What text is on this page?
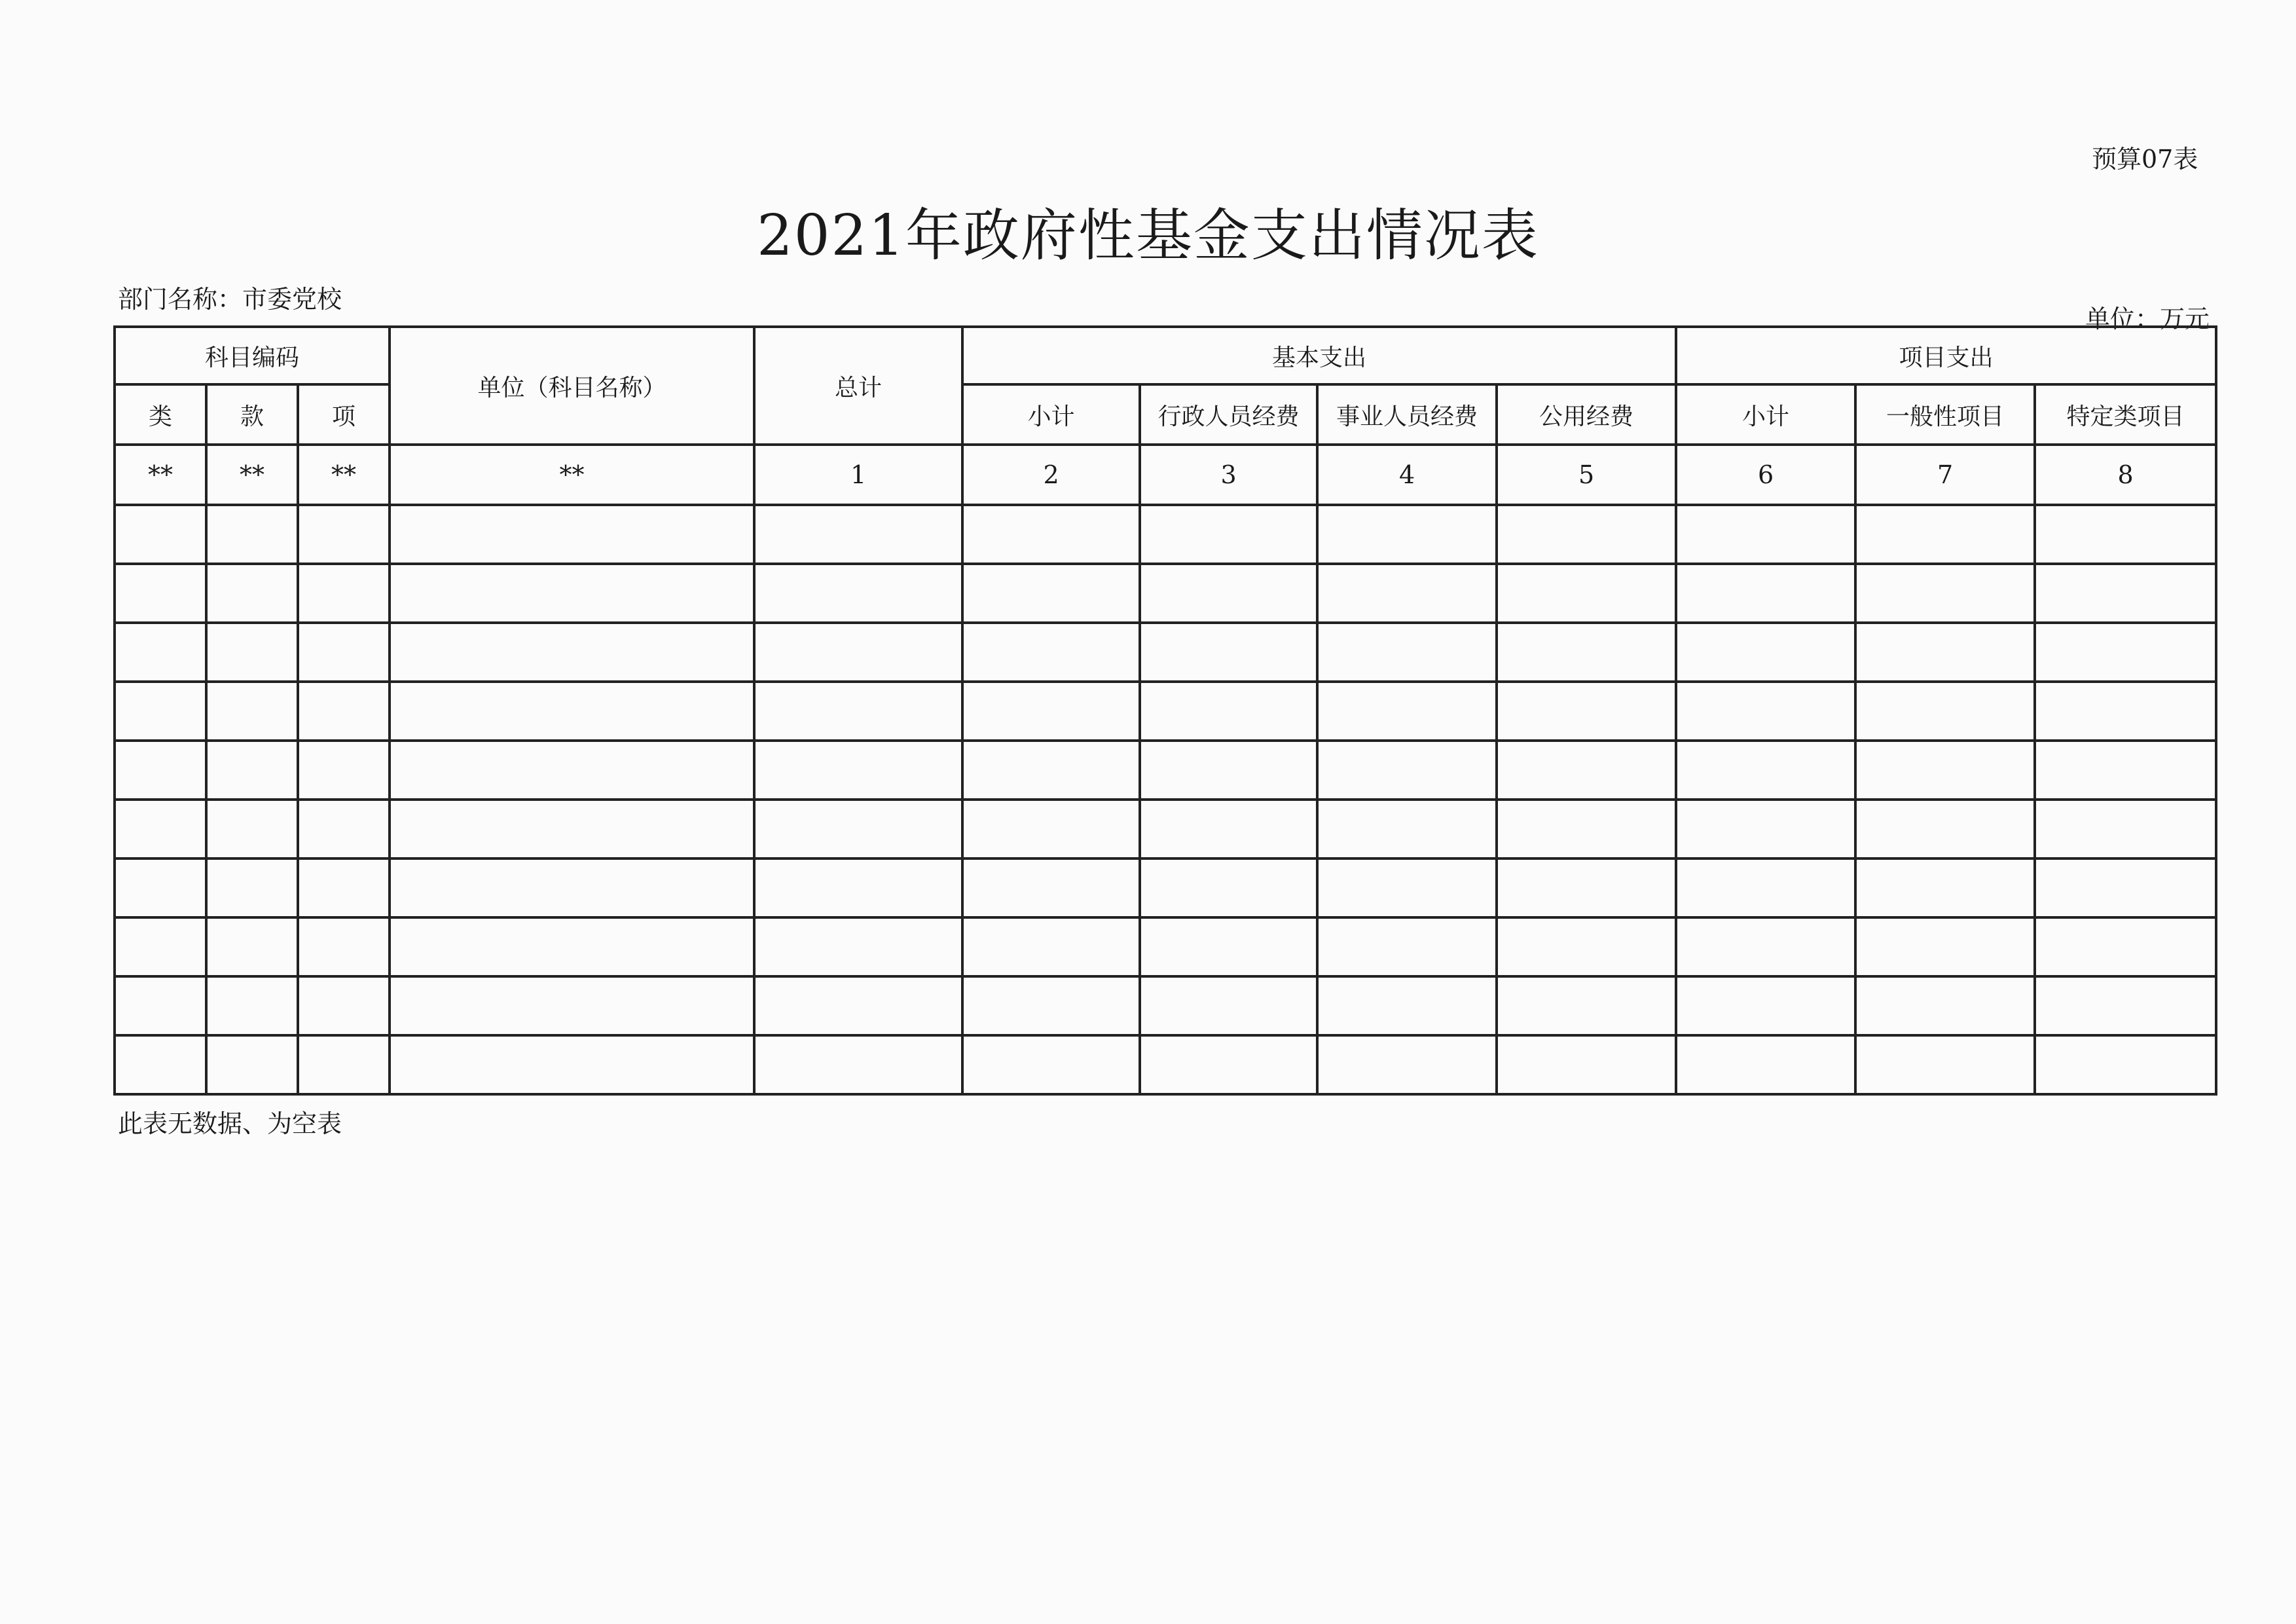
预算07表
2021年政府性基金支出情况表
部门名称：市委党校
单位：万元
科目编码			单位（科目名称）	总计	基本支出				项目支出		
类	款	项			小计	行政人员经费	事业人员经费	公用经费	小计	一般性项目	特定类项目
**	**	**	**	1	2	3	4	5	6	7	8

此表无数据、为空表
